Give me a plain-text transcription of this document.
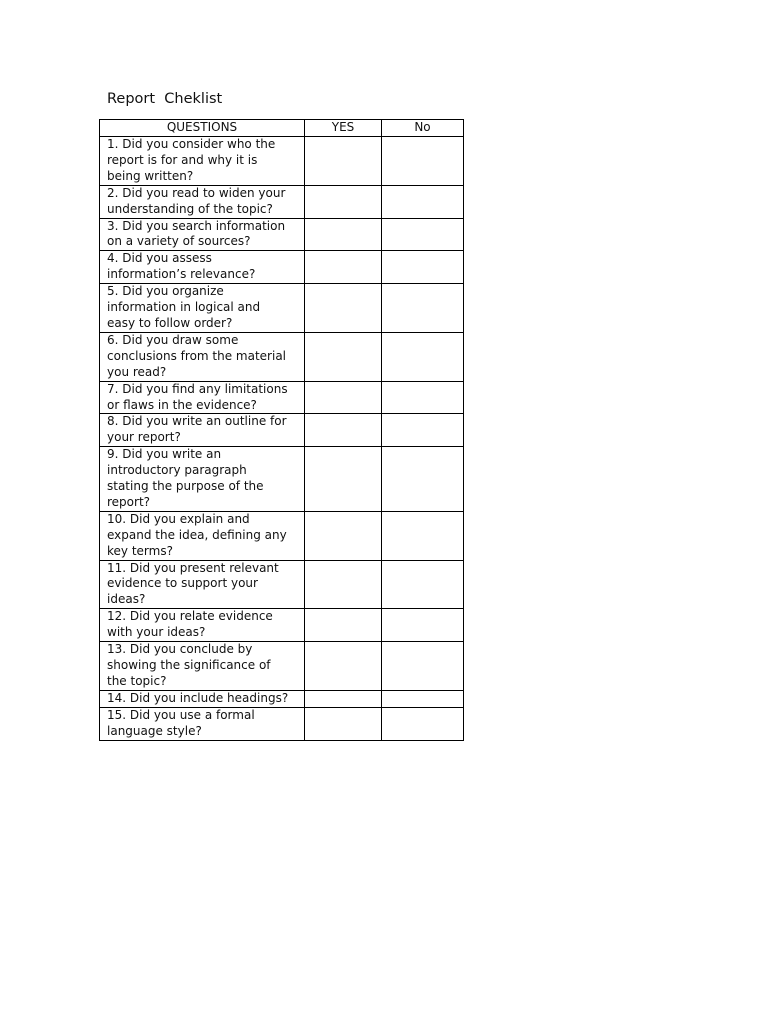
Report  Cheklist
QUESTIONS	YES	No
1. Did you consider who the
report is for and why it is
being written?		
2. Did you read to widen your
understanding of the topic?		
3. Did you search information
on a variety of sources?		
4. Did you assess
information’s relevance?		
5. Did you organize
information in logical and
easy to follow order?		
6. Did you draw some
conclusions from the material
you read?		
7. Did you find any limitations
or flaws in the evidence?		
8. Did you write an outline for
your report?		
9. Did you write an
introductory paragraph
stating the purpose of the
report?		
10. Did you explain and
expand the idea, defining any
key terms?		
11. Did you present relevant
evidence to support your
ideas?		
12. Did you relate evidence
with your ideas?		
13. Did you conclude by
showing the significance of
the topic?		
14. Did you include headings?		
15. Did you use a formal
language style?		
